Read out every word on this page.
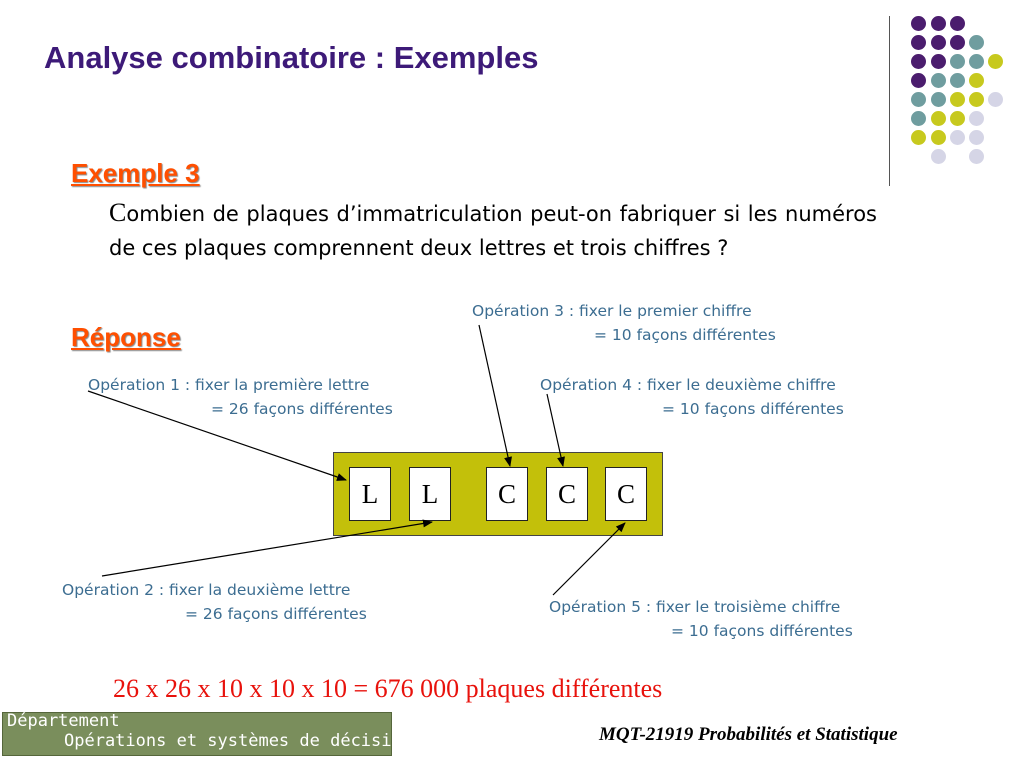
Analyse combinatoire : Exemples
Exemple 3
Combien de plaques d’immatriculation peut-on fabriquer si les numéros de ces plaques comprennent deux lettres et trois chiffres ?
Réponse
Opération 1 : fixer la première lettre
= 26 façons différentes
Opération 3 : fixer le premier chiffre
= 10 façons différentes
Opération 4 : fixer le deuxième chiffre
= 10 façons différentes
Opération 2 : fixer la deuxième lettre
= 26 façons différentes	Opération 5 : fixer le troisième chiffre
= 10 façons différentes
L	L	C	C	C
26 x 26 x 10 x 10 x 10 = 676 000 plaques différentes
Département
Opérations et systèmes de décisions	MQT-21919 Probabilités et Statistique
